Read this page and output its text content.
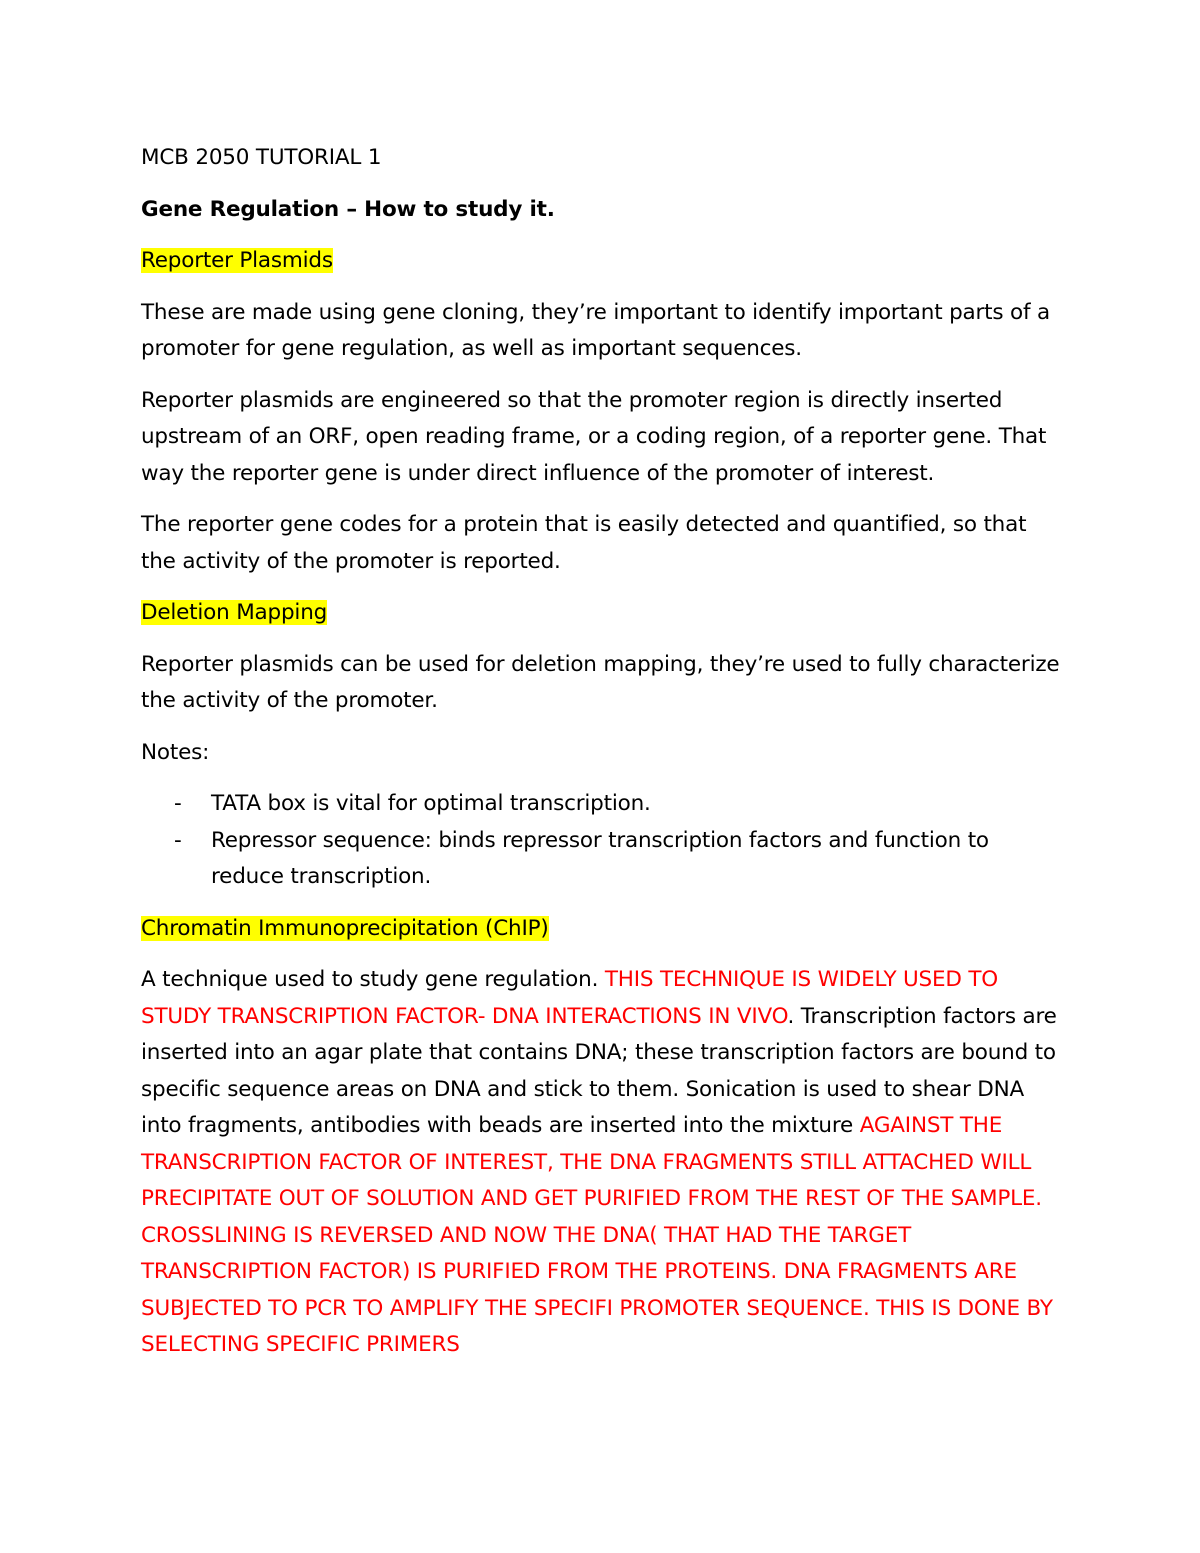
MCB 2050 TUTORIAL 1

Gene Regulation – How to study it.

Reporter Plasmids

These are made using gene cloning, they’re important to identify important parts of a promoter for gene regulation, as well as important sequences.

Reporter plasmids are engineered so that the promoter region is directly inserted upstream of an ORF, open reading frame, or a coding region, of a reporter gene. That way the reporter gene is under direct influence of the promoter of interest.

The reporter gene codes for a protein that is easily detected and quantified, so that the activity of the promoter is reported.

Deletion Mapping

Reporter plasmids can be used for deletion mapping, they’re used to fully characterize the activity of the promoter.

Notes:

- TATA box is vital for optimal transcription.
- Repressor sequence: binds repressor transcription factors and function to reduce transcription.

Chromatin Immunoprecipitation (ChIP)

A technique used to study gene regulation. THIS TECHNIQUE IS WIDELY USED TO STUDY TRANSCRIPTION FACTOR- DNA INTERACTIONS IN VIVO. Transcription factors are inserted into an agar plate that contains DNA; these transcription factors are bound to specific sequence areas on DNA and stick to them. Sonication is used to shear DNA into fragments, antibodies with beads are inserted into the mixture AGAINST THE TRANSCRIPTION FACTOR OF INTEREST, THE DNA FRAGMENTS STILL ATTACHED WILL PRECIPITATE OUT OF SOLUTION AND GET PURIFIED FROM THE REST OF THE SAMPLE. CROSSLINING IS REVERSED AND NOW THE DNA( THAT HAD THE TARGET TRANSCRIPTION FACTOR) IS PURIFIED FROM THE PROTEINS. DNA FRAGMENTS ARE SUBJECTED TO PCR TO AMPLIFY THE SPECIFI PROMOTER SEQUENCE. THIS IS DONE BY SELECTING SPECIFIC PRIMERS
